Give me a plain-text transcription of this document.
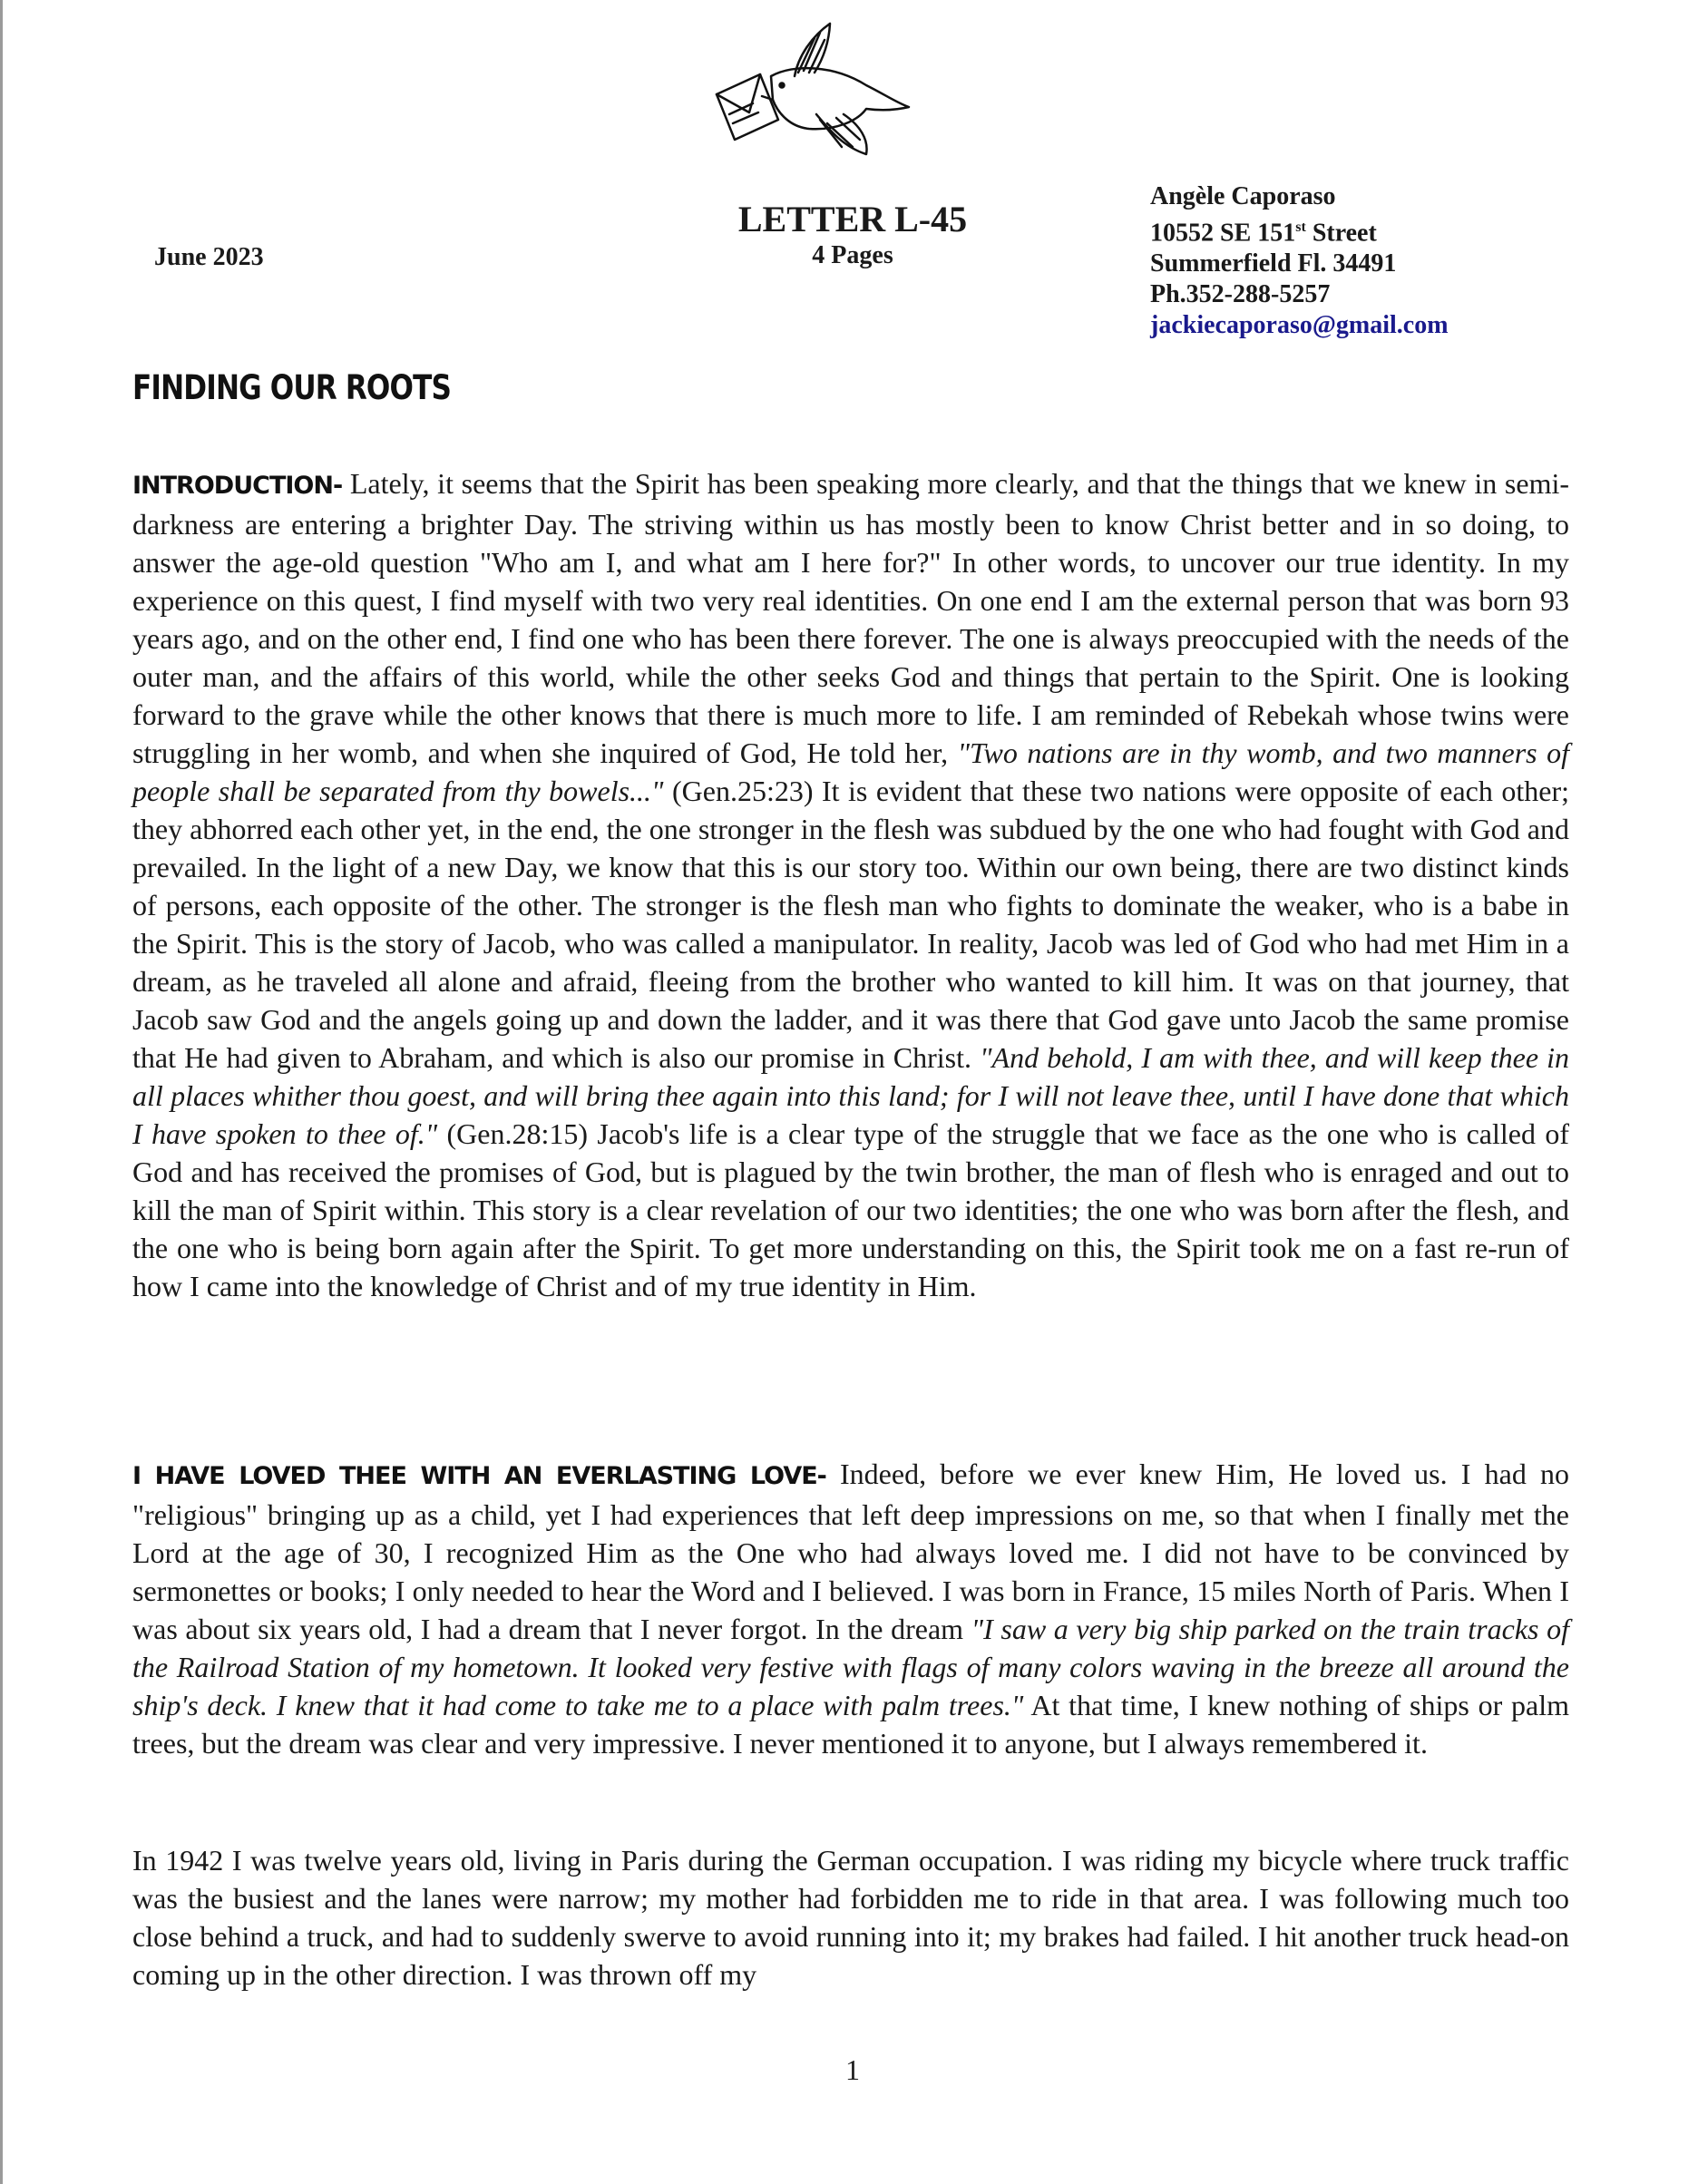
June 2023
LETTER L-45
4 Pages
Angèle Caporaso
10552 SE 151st Street
Summerfield Fl. 34491
Ph.352-288-5257
jackiecaporaso@gmail.com
FINDING OUR ROOTS

INTRODUCTION- Lately, it seems that the Spirit has been speaking more clearly, and that the things that we knew in semi-darkness are entering a brighter Day. The striving within us has mostly been to know Christ better and in so doing, to answer the age-old question "Who am I, and what am I here for?" In other words, to uncover our true identity. In my experience on this quest, I find myself with two very real identities. On one end I am the external person that was born 93 years ago, and on the other end, I find one who has been there forever. The one is always preoccupied with the needs of the outer man, and the affairs of this world, while the other seeks God and things that pertain to the Spirit. One is looking forward to the grave while the other knows that there is much more to life. I am reminded of Rebekah whose twins were struggling in her womb, and when she inquired of God, He told her, "Two nations are in thy womb, and two manners of people shall be separated from thy bowels..." (Gen.25:23) It is evident that these two nations were opposite of each other; they abhorred each other yet, in the end, the one stronger in the flesh was subdued by the one who had fought with God and prevailed. In the light of a new Day, we know that this is our story too. Within our own being, there are two distinct kinds of persons, each opposite of the other. The stronger is the flesh man who fights to dominate the weaker, who is a babe in the Spirit. This is the story of Jacob, who was called a manipulator. In reality, Jacob was led of God who had met Him in a dream, as he traveled all alone and afraid, fleeing from the brother who wanted to kill him. It was on that journey, that Jacob saw God and the angels going up and down the ladder, and it was there that God gave unto Jacob the same promise that He had given to Abraham, and which is also our promise in Christ. "And behold, I am with thee, and will keep thee in all places whither thou goest, and will bring thee again into this land; for I will not leave thee, until I have done that which I have spoken to thee of." (Gen.28:15) Jacob's life is a clear type of the struggle that we face as the one who is called of God and has received the promises of God, but is plagued by the twin brother, the man of flesh who is enraged and out to kill the man of Spirit within. This story is a clear revelation of our two identities; the one who was born after the flesh, and the one who is being born again after the Spirit. To get more understanding on this, the Spirit took me on a fast re-run of how I came into the knowledge of Christ and of my true identity in Him.

I HAVE LOVED THEE WITH AN EVERLASTING LOVE- Indeed, before we ever knew Him, He loved us. I had no "religious" bringing up as a child, yet I had experiences that left deep impressions on me, so that when I finally met the Lord at the age of 30, I recognized Him as the One who had always loved me. I did not have to be convinced by sermonettes or books; I only needed to hear the Word and I believed. I was born in France, 15 miles North of Paris. When I was about six years old, I had a dream that I never forgot. In the dream "I saw a very big ship parked on the train tracks of the Railroad Station of my hometown. It looked very festive with flags of many colors waving in the breeze all around the ship's deck. I knew that it had come to take me to a place with palm trees." At that time, I knew nothing of ships or palm trees, but the dream was clear and very impressive. I never mentioned it to anyone, but I always remembered it.

In 1942 I was twelve years old, living in Paris during the German occupation. I was riding my bicycle where truck traffic was the busiest and the lanes were narrow; my mother had forbidden me to ride in that area. I was following much too close behind a truck, and had to suddenly swerve to avoid running into it; my brakes had failed. I hit another truck head-on coming up in the other direction. I was thrown off my

1
